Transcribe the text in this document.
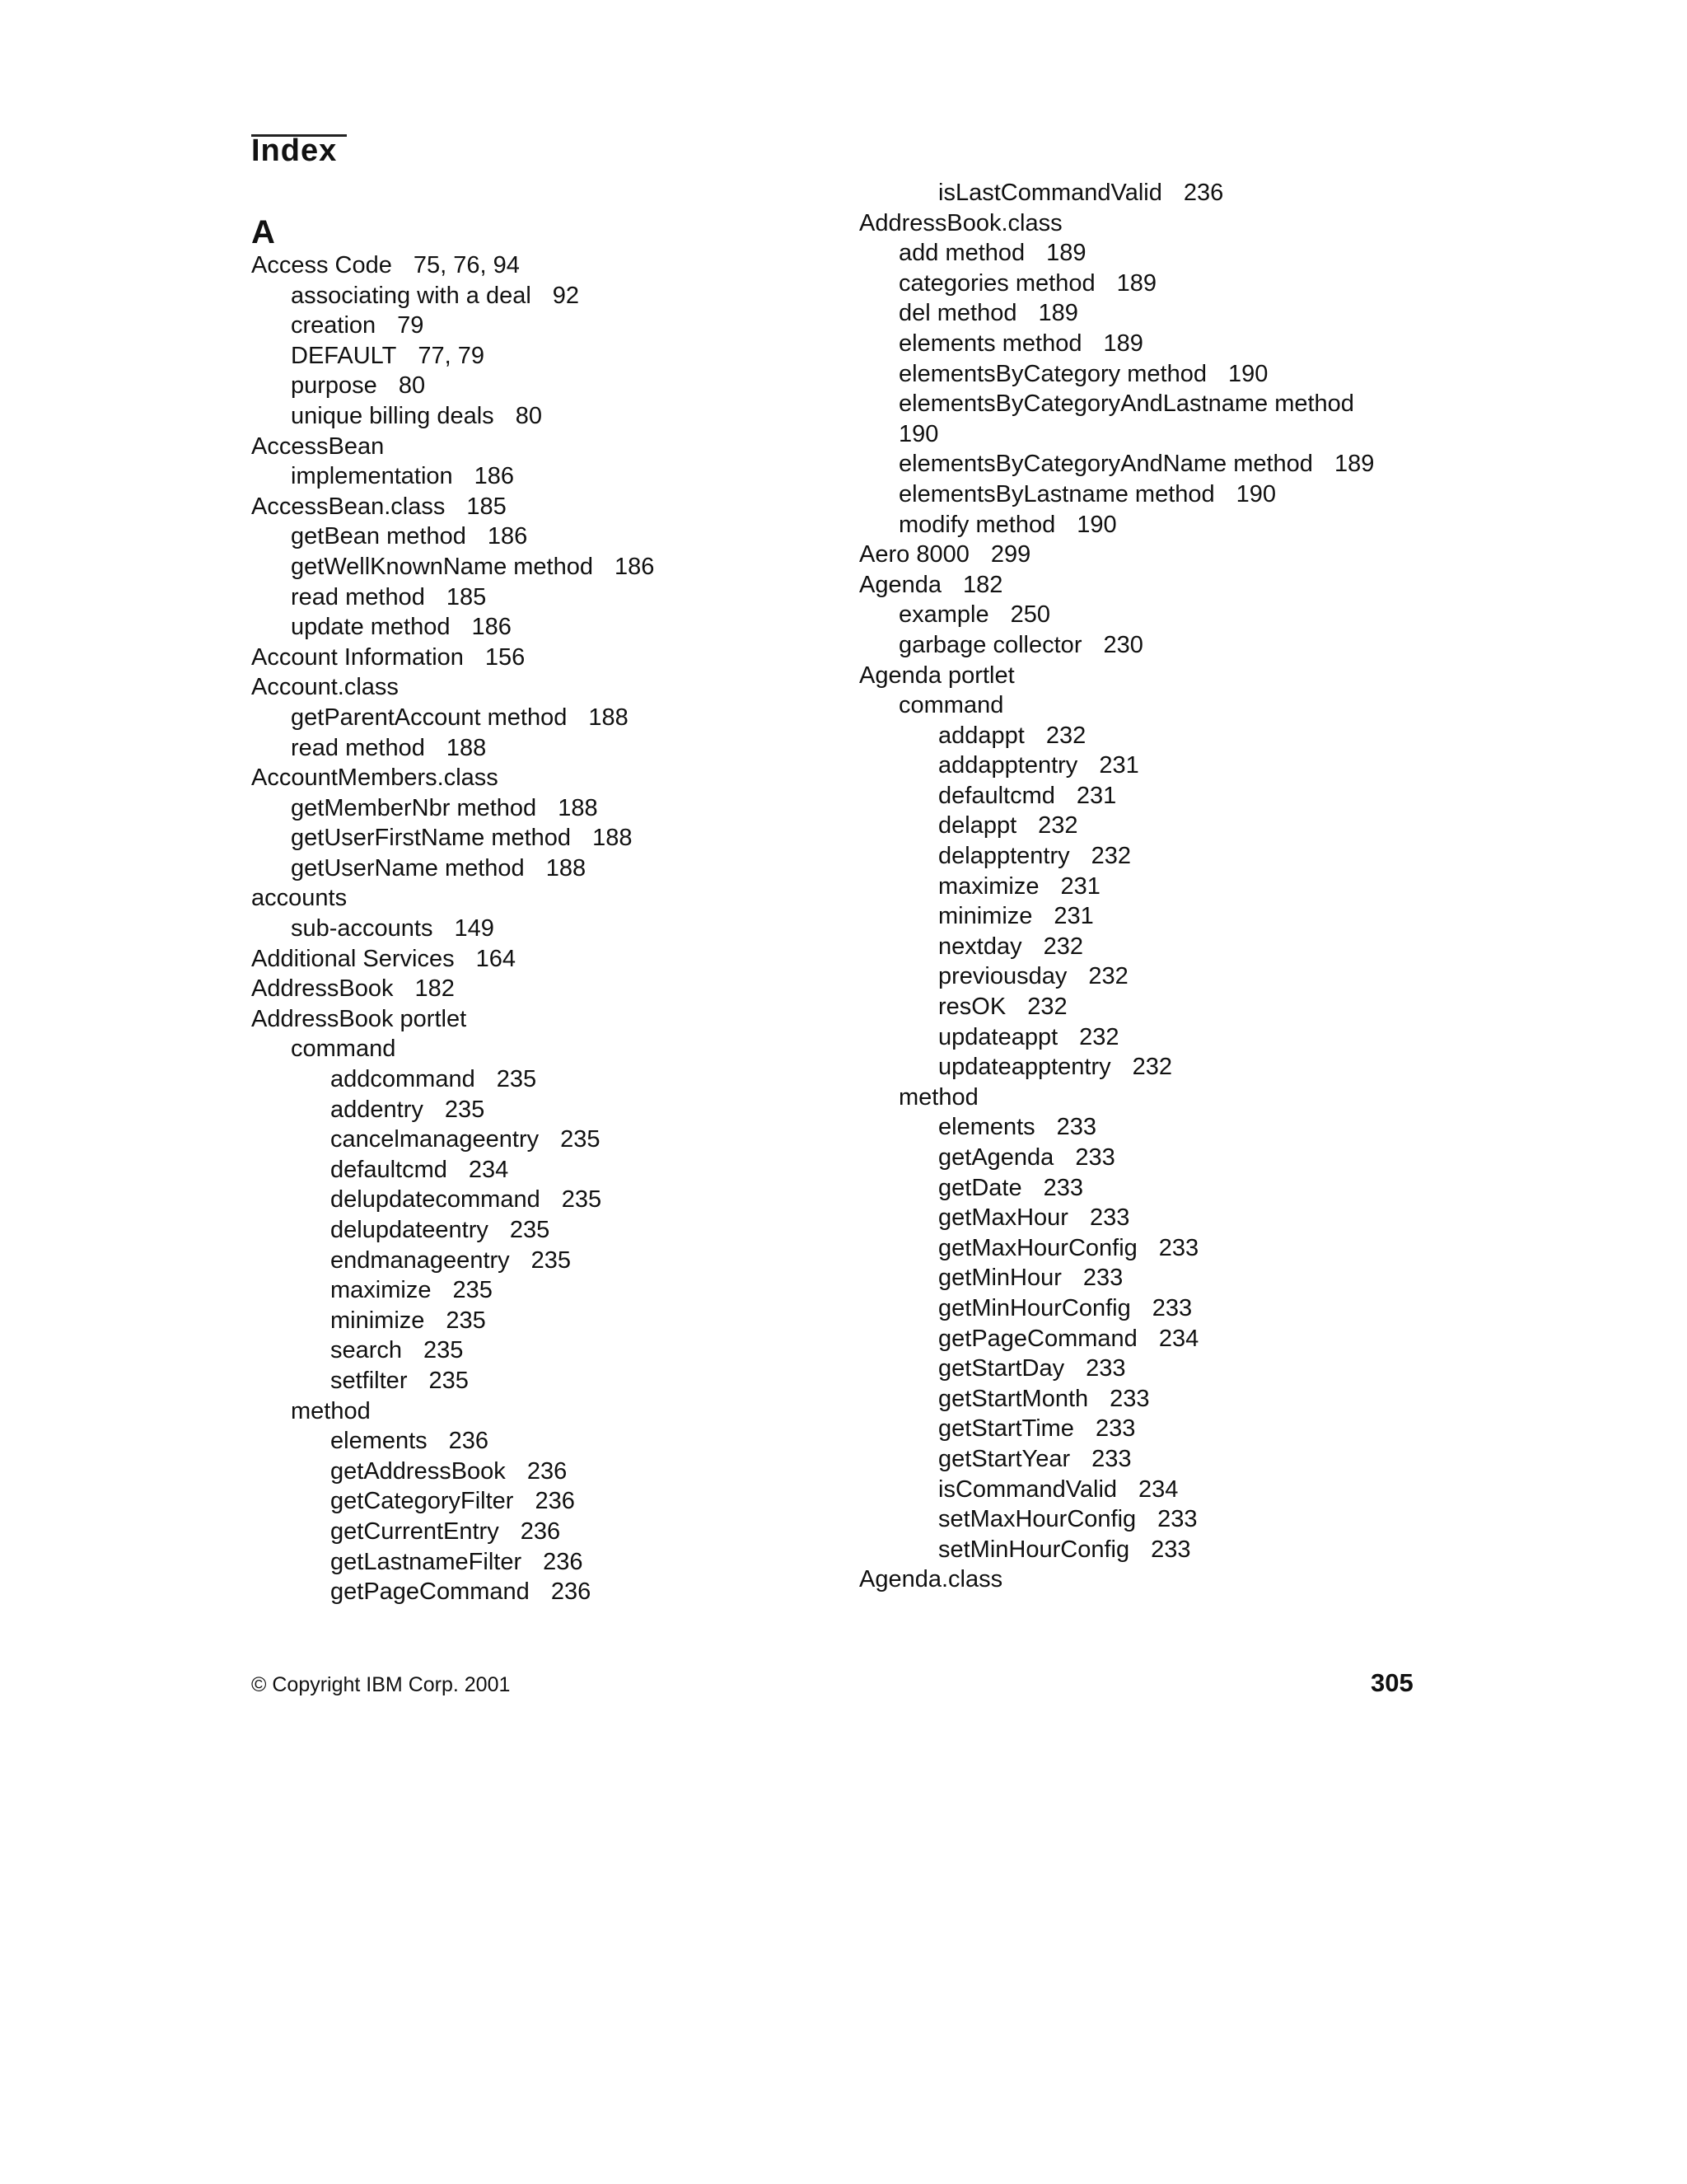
Index
A
Access Code 75, 76, 94
associating with a deal 92
creation 79
DEFAULT 77, 79
purpose 80
unique billing deals 80
AccessBean
implementation 186
AccessBean.class 185
getBean method 186
getWellKnownName method 186
read method 185
update method 186
Account Information 156
Account.class
getParentAccount method 188
read method 188
AccountMembers.class
getMemberNbr method 188
getUserFirstName method 188
getUserName method 188
accounts
sub-accounts 149
Additional Services 164
AddressBook 182
AddressBook portlet
command
addcommand 235
addentry 235
cancelmanageentry 235
defaultcmd 234
delupdatecommand 235
delupdateentry 235
endmanageentry 235
maximize 235
minimize 235
search 235
setfilter 235
method
elements 236
getAddressBook 236
getCategoryFilter 236
getCurrentEntry 236
getLastnameFilter 236
getPageCommand 236
isLastCommandValid 236
AddressBook.class
add method 189
categories method 189
del method 189
elements method 189
elementsByCategory method 190
elementsByCategoryAndLastname method
190
elementsByCategoryAndName method 189
elementsByLastname method 190
modify method 190
Aero 8000 299
Agenda 182
example 250
garbage collector 230
Agenda portlet
command
addappt 232
addapptentry 231
defaultcmd 231
delappt 232
delapptentry 232
maximize 231
minimize 231
nextday 232
previousday 232
resOK 232
updateappt 232
updateapptentry 232
method
elements 233
getAgenda 233
getDate 233
getMaxHour 233
getMaxHourConfig 233
getMinHour 233
getMinHourConfig 233
getPageCommand 234
getStartDay 233
getStartMonth 233
getStartTime 233
getStartYear 233
isCommandValid 234
setMaxHourConfig 233
setMinHourConfig 233
Agenda.class
© Copyright IBM Corp. 2001	305
